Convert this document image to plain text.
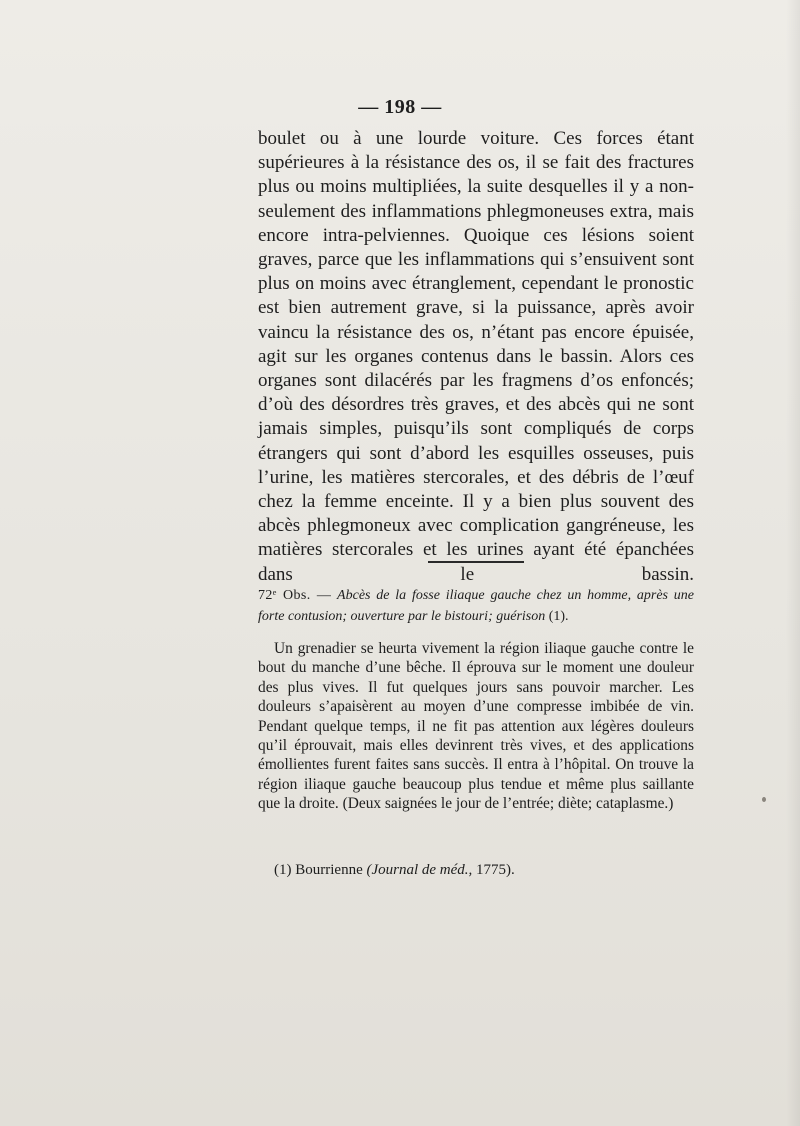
— 198 —

boulet ou à une lourde voiture. Ces forces étant supérieures à la résistance des os, il se fait des fractures plus ou moins multipliées, la suite desquelles il y a non-seulement des inflammations phlegmoneuses extra, mais encore intra-pelviennes. Quoique ces lésions soient graves, parce que les inflammations qui s’ensuivent sont plus on moins avec étranglement, cependant le pronostic est bien autrement grave, si la puissance, après avoir vaincu la résistance des os, n’étant pas encore épuisée, agit sur les organes contenus dans le bassin. Alors ces organes sont dilacérés par les fragmens d’os enfoncés; d’où des désordres très graves, et des abcès qui ne sont jamais simples, puisqu’ils sont compliqués de corps étrangers qui sont d’abord les esquilles osseuses, puis l’urine, les matières stercorales, et des débris de l’œuf chez la femme enceinte. Il y a bien plus souvent des abcès phlegmoneux avec complication gangréneuse, les matières stercorales et les urines ayant été épanchées dans le bassin.

72ᵉ Obs. — Abcès de la fosse iliaque gauche chez un homme, après une forte contusion; ouverture par le bistouri; guérison (1).

Un grenadier se heurta vivement la région iliaque gauche contre le bout du manche d’une bêche. Il éprouva sur le moment une douleur des plus vives. Il fut quelques jours sans pouvoir marcher. Les douleurs s’apaisèrent au moyen d’une compresse imbibée de vin. Pendant quelque temps, il ne fit pas attention aux légères douleurs qu’il éprouvait, mais elles devinrent très vives, et des applications émollientes furent faites sans succès. Il entra à l’hôpital. On trouve la région iliaque gauche beaucoup plus tendue et même plus saillante que la droite. (Deux saignées le jour de l’entrée; diète; cataplasme.)

(1) Bourrienne (Journal de méd., 1775).
